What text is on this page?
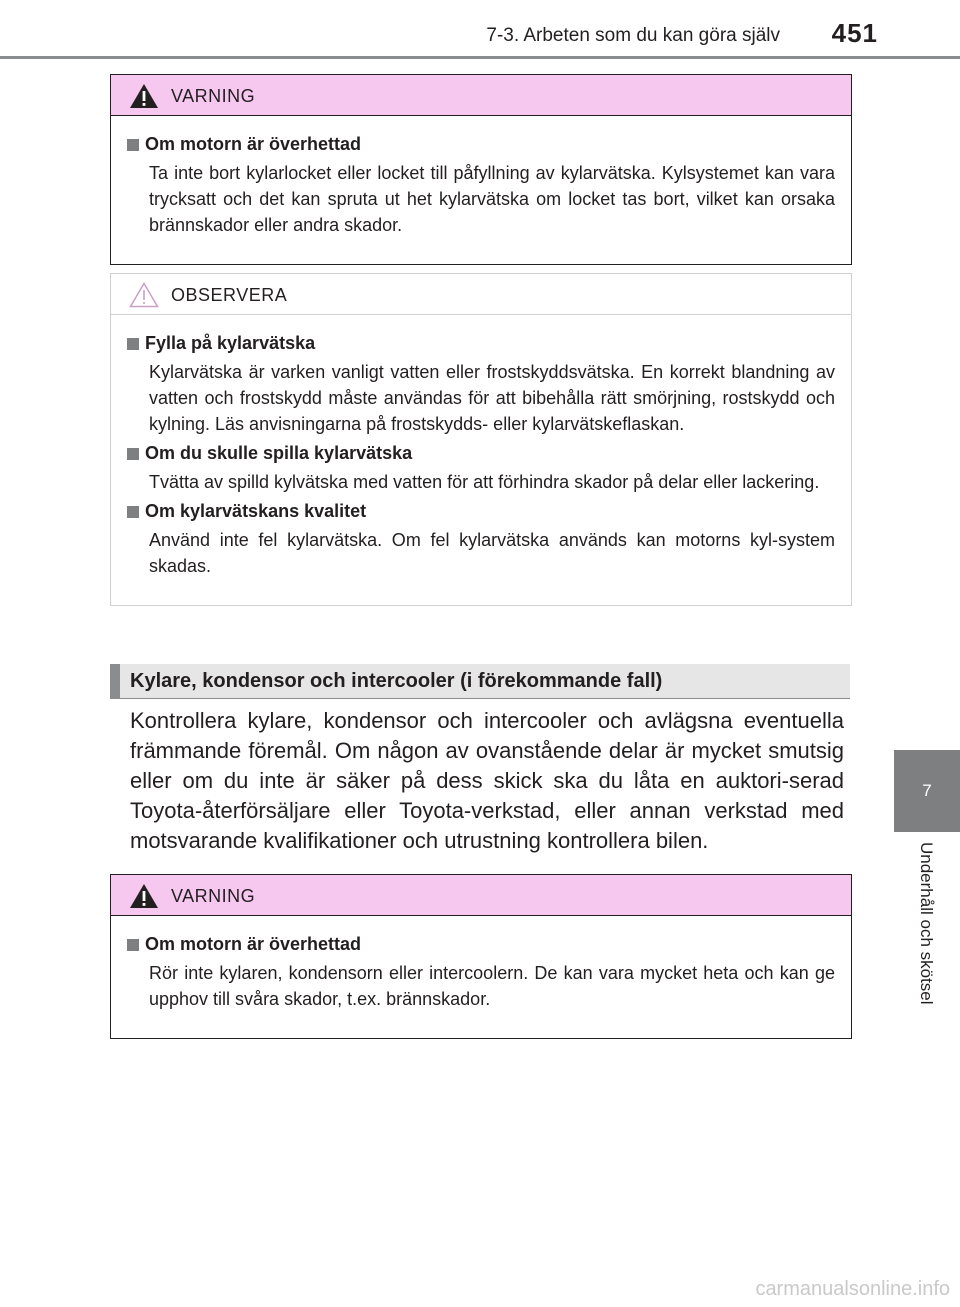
7-3. Arbeten som du kan göra själv 451
7
Underhåll och skötsel
VARNING
Om motorn är överhettad
Ta inte bort kylarlocket eller locket till påfyllning av kylarvätska. Kylsystemet kan vara trycksatt och det kan spruta ut het kylarvätska om locket tas bort, vilket kan orsaka brännskador eller andra skador.
OBSERVERA
Fylla på kylarvätska
Kylarvätska är varken vanligt vatten eller frostskyddsvätska. En korrekt blandning av vatten och frostskydd måste användas för att bibehålla rätt smörjning, rostskydd och kylning. Läs anvisningarna på frostskydds- eller kylarvätskeflaskan.
Om du skulle spilla kylarvätska
Tvätta av spilld kylvätska med vatten för att förhindra skador på delar eller lackering.
Om kylarvätskans kvalitet
Använd inte fel kylarvätska. Om fel kylarvätska används kan motorns kyl-system skadas.
Kylare, kondensor och intercooler (i förekommande fall)
Kontrollera kylare, kondensor och intercooler och avlägsna eventuella främmande föremål. Om någon av ovanstående delar är mycket smutsig eller om du inte är säker på dess skick ska du låta en auktori-serad Toyota-återförsäljare eller Toyota-verkstad, eller annan verkstad med motsvarande kvalifikationer och utrustning kontrollera bilen.
VARNING
Om motorn är överhettad
Rör inte kylaren, kondensorn eller intercoolern. De kan vara mycket heta och kan ge upphov till svåra skador, t.ex. brännskador.
carmanualsonline.info
